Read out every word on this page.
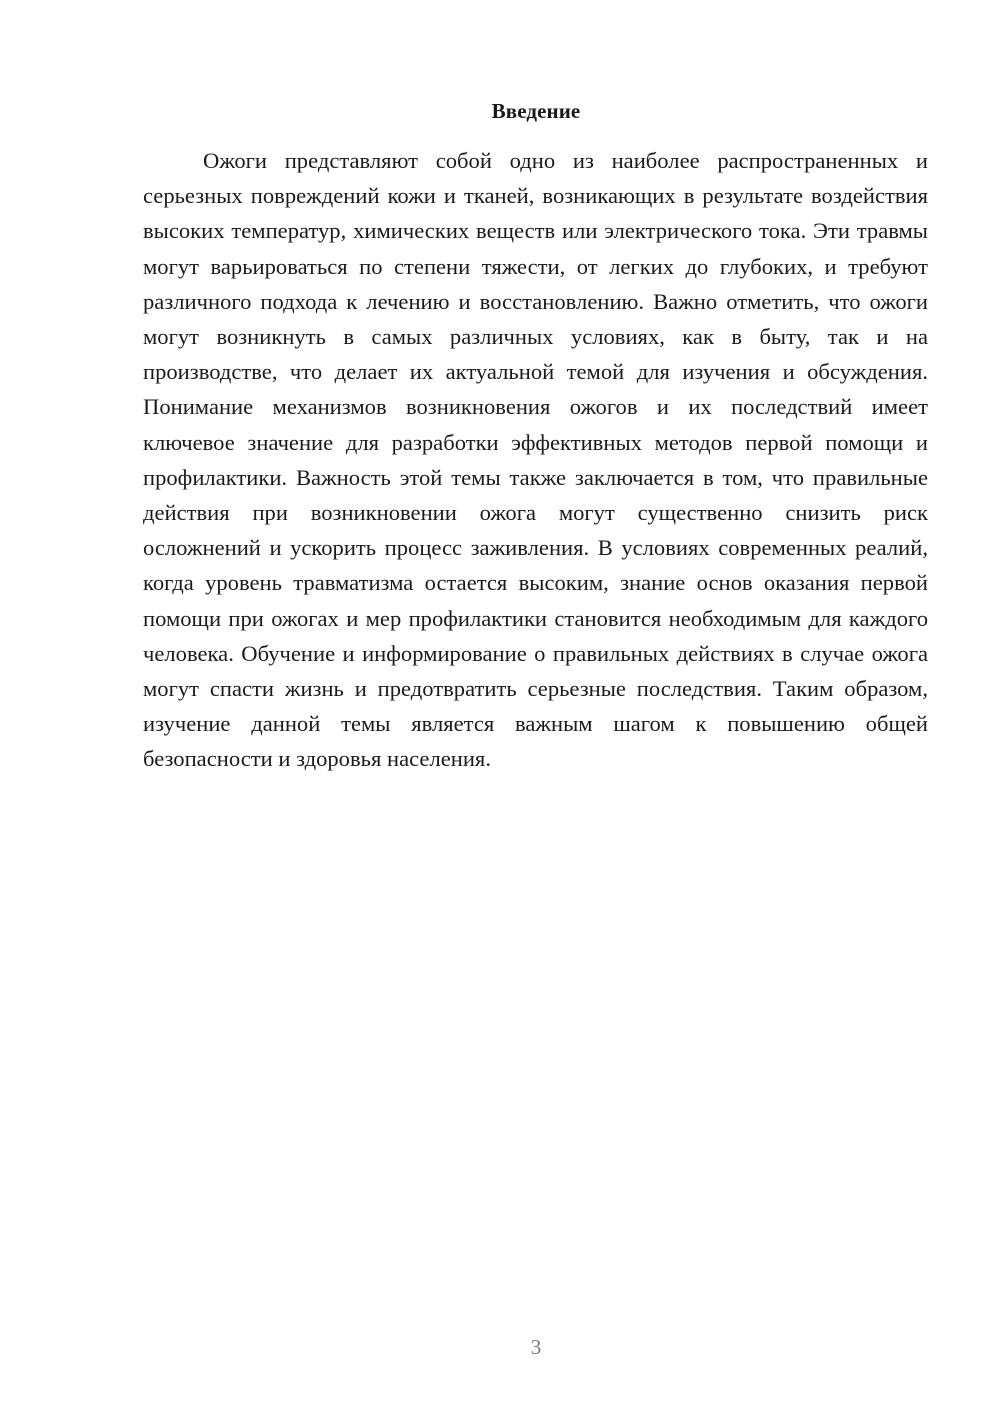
Введение

Ожоги представляют собой одно из наиболее распространенных и серьезных повреждений кожи и тканей, возникающих в результате воздействия высоких температур, химических веществ или электрического тока. Эти травмы могут варьироваться по степени тяжести, от легких до глубоких, и требуют различного подхода к лечению и восстановлению. Важно отметить, что ожоги могут возникнуть в самых различных условиях, как в быту, так и на производстве, что делает их актуальной темой для изучения и обсуждения. Понимание механизмов возникновения ожогов и их последствий имеет ключевое значение для разработки эффективных методов первой помощи и профилактики. Важность этой темы также заключается в том, что правильные действия при возникновении ожога могут существенно снизить риск осложнений и ускорить процесс заживления. В условиях современных реалий, когда уровень травматизма остается высоким, знание основ оказания первой помощи при ожогах и мер профилактики становится необходимым для каждого человека. Обучение и информирование о правильных действиях в случае ожога могут спасти жизнь и предотвратить серьезные последствия. Таким образом, изучение данной темы является важным шагом к повышению общей безопасности и здоровья населения.

3
